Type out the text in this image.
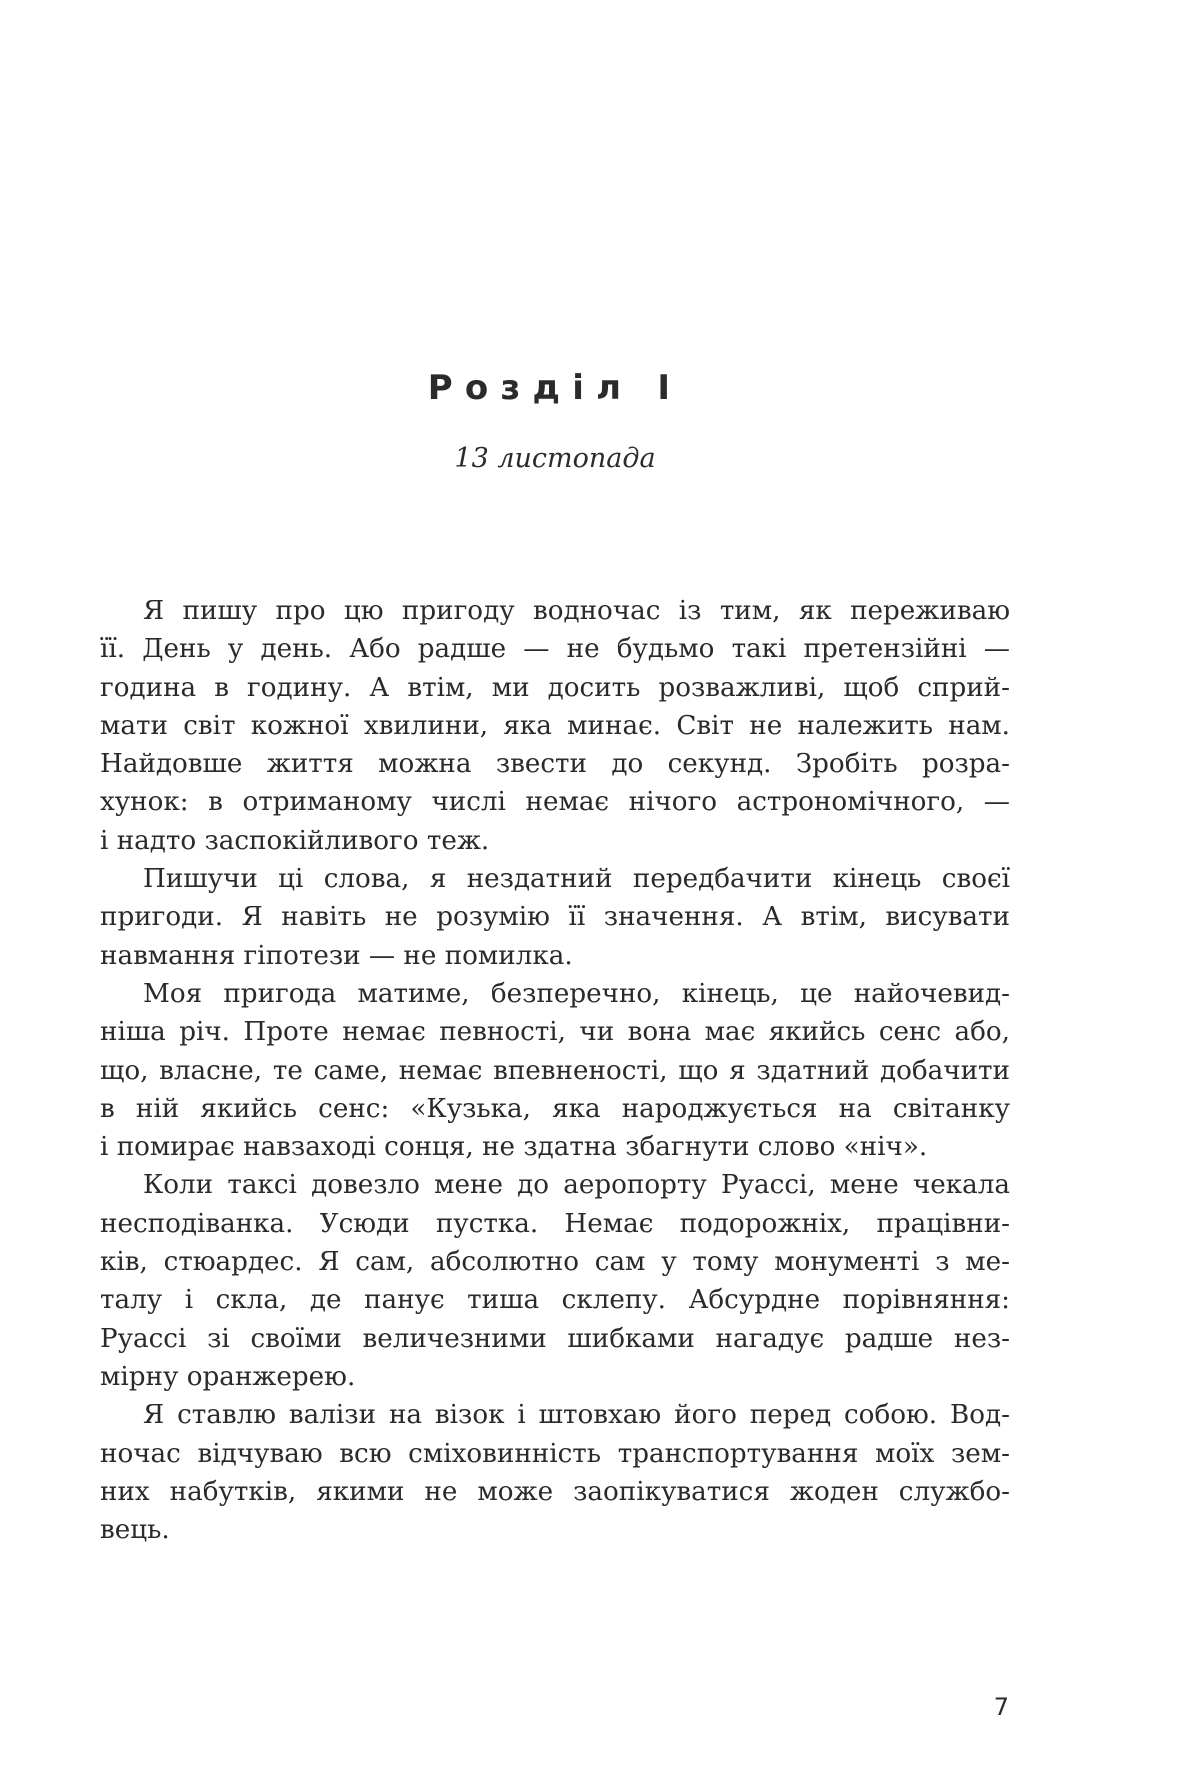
Розділ І
13 листопада
Я пишу про цю пригоду водночас із тим, як переживаю
її. День у день. Або радше — не будьмо такі претензійні —
година в годину. А втім, ми досить розважливі, щоб сприй-
мати світ кожної хвилини, яка минає. Світ не належить нам.
Найдовше життя можна звести до секунд. Зробіть розра-
хунок: в отриманому числі немає нічого астрономічного, —
і надто заспокійливого теж.
Пишучи ці слова, я нездатний передбачити кінець своєї
пригоди. Я навіть не розумію її значення. А втім, висувати
навмання гіпотези — не помилка.
Моя пригода матиме, безперечно, кінець, це найочевид-
ніша річ. Проте немає певності, чи вона має якийсь сенс або,
що, власне, те саме, немає впевненості, що я здатний добачити
в ній якийсь сенс: «Кузька, яка народжується на світанку
і помирає навзаході сонця, не здатна збагнути слово «ніч».
Коли таксі довезло мене до аеропорту Руассі, мене чекала
несподіванка. Усюди пустка. Немає подорожніх, працівни-
ків, стюардес. Я сам, абсолютно сам у тому монументі з ме-
талу і скла, де панує тиша склепу. Абсурдне порівняння:
Руассі зі своїми величезними шибками нагадує радше нез-
мірну оранжерею.
Я ставлю валізи на візок і штовхаю його перед собою. Вод-
ночас відчуваю всю сміховинність транспортування моїх зем-
них набутків, якими не може заопікуватися жоден службо-
вець.
7
